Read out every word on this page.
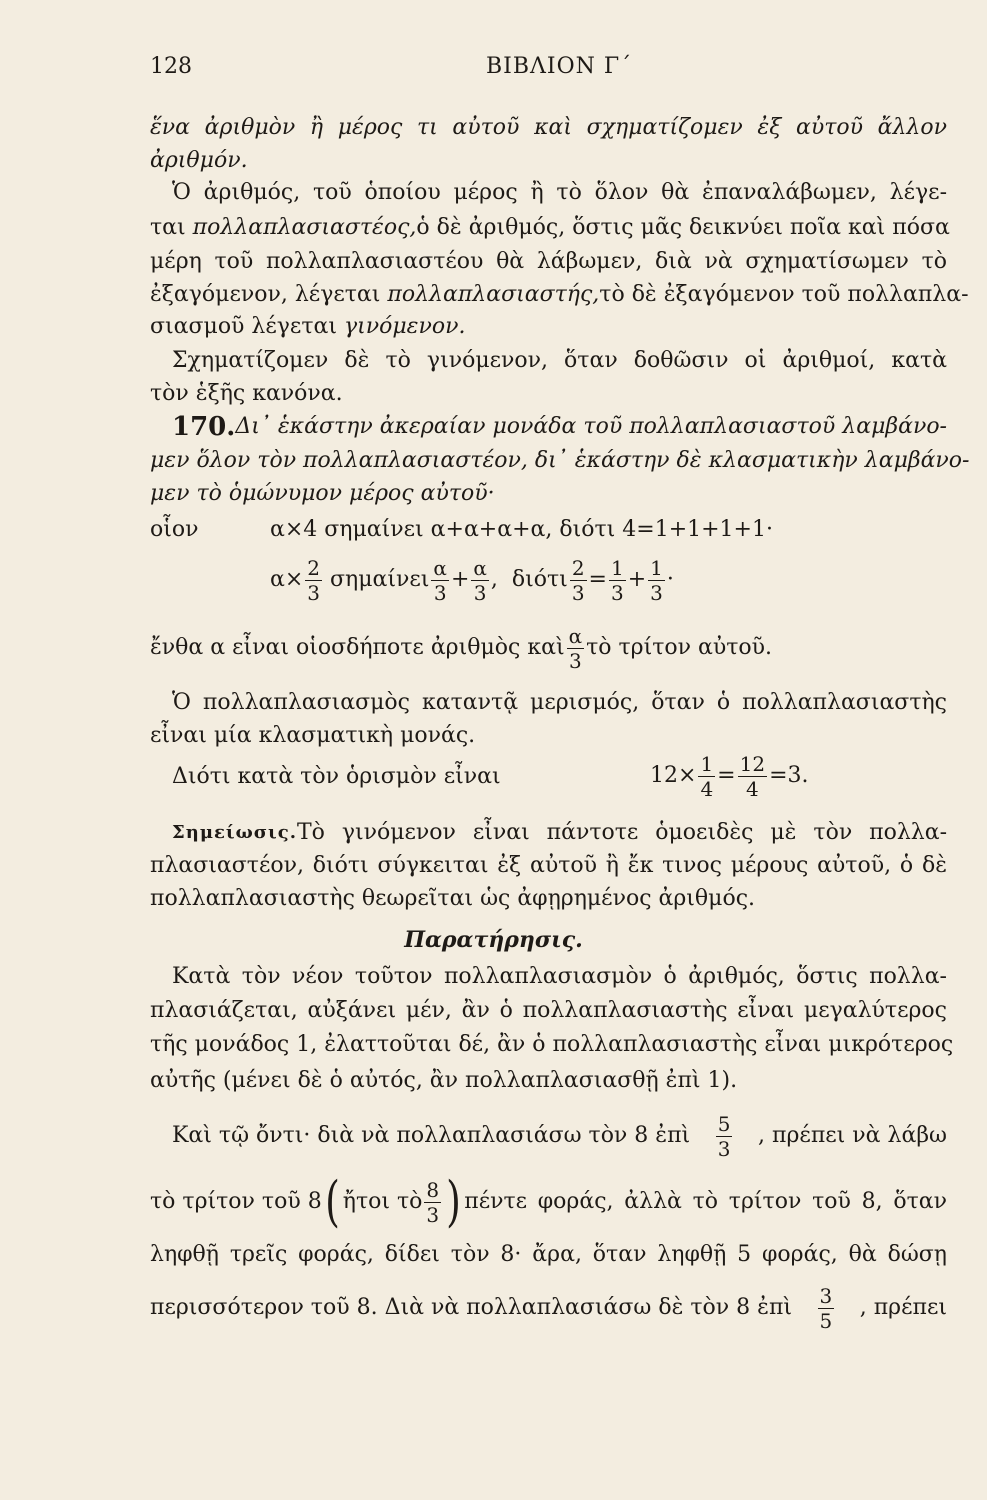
128	ΒΙΒΛΙΟΝ Γ΄
ἕνα ἀριθμὸν ἢ μέρος τι αὐτοῦ καὶ σχηματίζομεν ἐξ αὐτοῦ ἄλλον
ἀριθμόν.
Ὁ ἀριθμός, τοῦ ὁποίου μέρος ἢ τὸ ὅλον θὰ ἐπαναλάβωμεν, λέγε-
ται πολλαπλασιαστέος, ὁ δὲ ἀριθμός, ὅστις μᾶς δεικνύει ποῖα καὶ πόσα
μέρη τοῦ πολλαπλασιαστέου θὰ λάβωμεν, διὰ νὰ σχηματίσωμεν τὸ
ἐξαγόμενον, λέγεται πολλαπλασιαστής, τὸ δὲ ἐξαγόμενον τοῦ πολλαπλα-
σιασμοῦ λέγεται γινόμενον.
Σχηματίζομεν δὲ τὸ γινόμενον, ὅταν δοθῶσιν οἱ ἀριθμοί, κατὰ
τὸν ἑξῆς κανόνα.
170. Δι᾽ ἑκάστην ἀκεραίαν μονάδα τοῦ πολλαπλασιαστοῦ λαμβάνο-
μεν ὅλον τὸν πολλαπλασιαστέον, δι᾽ ἑκάστην δὲ κλασματικὴν λαμβάνο-
μεν τὸ ὁμώνυμον μέρος αὐτοῦ·
οἷον	α×4 σημαίνει α+α+α+α, διότι 4=1+1+1+1·
$\alpha\times \frac{2}{3}$ σημαίνει $\frac{\alpha}{3} + \frac{\alpha}{3}$ , διότι $\frac{2}{3} = \frac{1}{3} + \frac{1}{3}$ ·
ἔνθα α εἶναι οἱοσδήποτε ἀριθμὸς καὶ $\frac{\alpha}{3}$ τὸ τρίτον αὐτοῦ.
Ὁ πολλαπλασιασμὸς καταντᾷ μερισμός, ὅταν ὁ πολλαπλασιαστὴς
εἶναι μία κλασματικὴ μονάς.
Διότι κατὰ τὸν ὁρισμὸν εἶναι	$12\times \frac{1}{4} = \frac{12}{4} =3$.
Σημείωσις. Τὸ γινόμενον εἶναι πάντοτε ὁμοειδὲς μὲ τὸν πολλα-
πλασιαστέον, διότι σύγκειται ἐξ αὐτοῦ ἢ ἔκ τινος μέρους αὐτοῦ, ὁ δὲ
πολλαπλασιαστὴς θεωρεῖται ὡς ἀφῃρημένος ἀριθμός.
Παρατήρησις.
Κατὰ τὸν νέον τοῦτον πολλαπλασιασμὸν ὁ ἀριθμός, ὅστις πολλα-
πλασιάζεται, αὐξάνει μέν, ἂν ὁ πολλαπλασιαστὴς εἶναι μεγαλύτερος
τῆς μονάδος 1, ἐλαττοῦται δέ, ἂν ὁ πολλαπλασιαστὴς εἶναι μικρότερος
αὐτῆς (μένει δὲ ὁ αὐτός, ἂν πολλαπλασιασθῇ ἐπὶ 1).
Καὶ τῷ ὄντι· διὰ νὰ πολλαπλασιάσω τὸν 8 ἐπὶ $\frac{5}{3}$ , πρέπει νὰ λάβω
τὸ τρίτον τοῦ 8 ( ἤτοι τὸ $\frac{8}{3}$ ) πέντε φοράς, ἀλλὰ τὸ τρίτον τοῦ 8, ὅταν
ληφθῇ τρεῖς φοράς, δίδει τὸν 8· ἄρα, ὅταν ληφθῇ 5 φοράς, θὰ δώσῃ
περισσότερον τοῦ 8. Διὰ νὰ πολλαπλασιάσω δὲ τὸν 8 ἐπὶ $\frac{3}{5}$ , πρέπει
